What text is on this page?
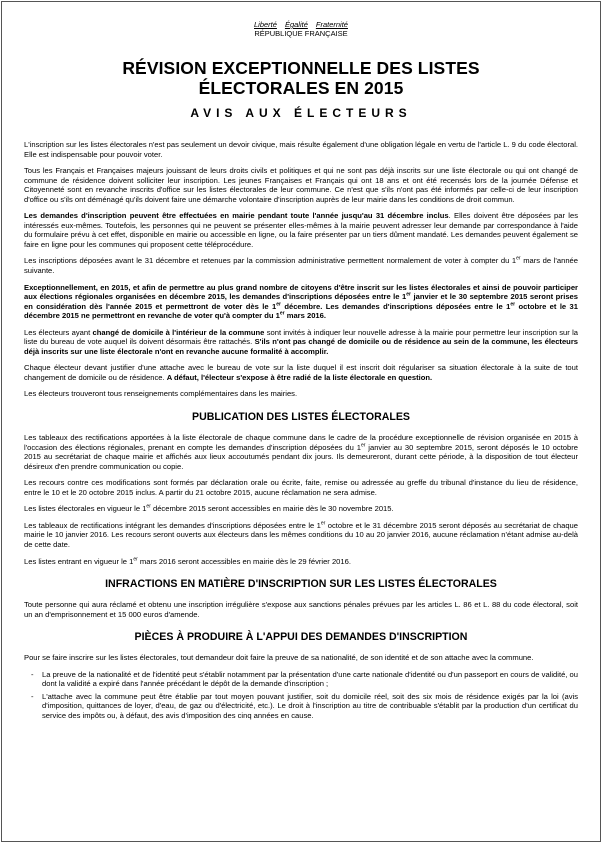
Liberté Égalité Fraternité
RÉPUBLIQUE FRANÇAISE
RÉVISION EXCEPTIONNELLE DES LISTES
ÉLECTORALES EN 2015
AVIS AUX ÉLECTEURS
L'inscription sur les listes électorales n'est pas seulement un devoir civique, mais résulte également d'une obligation légale en vertu de l'article L. 9 du code électoral. Elle est indispensable pour pouvoir voter.
Tous les Français et Françaises majeurs jouissant de leurs droits civils et politiques et qui ne sont pas déjà inscrits sur une liste électorale ou qui ont changé de commune de résidence doivent solliciter leur inscription. Les jeunes Françaises et Français qui ont 18 ans et ont été recensés lors de la journée Défense et Citoyenneté sont en revanche inscrits d'office sur les listes électorales de leur commune. Ce n'est que s'ils n'ont pas été informés par celle-ci de leur inscription d'office ou s'ils ont déménagé qu'ils doivent faire une démarche volontaire d'inscription auprès de leur mairie dans les conditions de droit commun.
Les demandes d'inscription peuvent être effectuées en mairie pendant toute l'année jusqu'au 31 décembre inclus. Elles doivent être déposées par les intéressés eux-mêmes. Toutefois, les personnes qui ne peuvent se présenter elles-mêmes à la mairie peuvent adresser leur demande par correspondance à l'aide du formulaire prévu à cet effet, disponible en mairie ou accessible en ligne, ou la faire présenter par un tiers dûment mandaté. Les demandes peuvent également se faire en ligne pour les communes qui proposent cette téléprocédure.
Les inscriptions déposées avant le 31 décembre et retenues par la commission administrative permettent normalement de voter à compter du 1er mars de l'année suivante.
Exceptionnellement, en 2015, et afin de permettre au plus grand nombre de citoyens d'être inscrit sur les listes électorales et ainsi de pouvoir participer aux élections régionales organisées en décembre 2015, les demandes d'inscriptions déposées entre le 1er janvier et le 30 septembre 2015 seront prises en considération dès l'année 2015 et permettront de voter dès le 1er décembre. Les demandes d'inscriptions déposées entre le 1er octobre et le 31 décembre 2015 ne permettront en revanche de voter qu'à compter du 1er mars 2016.
Les électeurs ayant changé de domicile à l'intérieur de la commune sont invités à indiquer leur nouvelle adresse à la mairie pour permettre leur inscription sur la liste du bureau de vote auquel ils doivent désormais être rattachés. S'ils n'ont pas changé de domicile ou de résidence au sein de la commune, les électeurs déjà inscrits sur une liste électorale n'ont en revanche aucune formalité à accomplir.
Chaque électeur devant justifier d'une attache avec le bureau de vote sur la liste duquel il est inscrit doit régulariser sa situation électorale à la suite de tout changement de domicile ou de résidence. A défaut, l'électeur s'expose à être radié de la liste électorale en question.
Les électeurs trouveront tous renseignements complémentaires dans les mairies.
PUBLICATION DES LISTES ÉLECTORALES
Les tableaux des rectifications apportées à la liste électorale de chaque commune dans le cadre de la procédure exceptionnelle de révision organisée en 2015 à l'occasion des élections régionales, prenant en compte les demandes d'inscription déposées du 1er janvier au 30 septembre 2015, seront déposés le 10 octobre 2015 au secrétariat de chaque mairie et affichés aux lieux accoutumés pendant dix jours. Ils demeureront, durant cette période, à la disposition de tout électeur désireux d'en prendre communication ou copie.
Les recours contre ces modifications sont formés par déclaration orale ou écrite, faite, remise ou adressée au greffe du tribunal d'instance du lieu de résidence, entre le 10 et le 20 octobre 2015 inclus. A partir du 21 octobre 2015, aucune réclamation ne sera admise.
Les listes électorales en vigueur le 1er décembre 2015 seront accessibles en mairie dès le 30 novembre 2015.
Les tableaux de rectifications intégrant les demandes d'inscriptions déposées entre le 1er octobre et le 31 décembre 2015 seront déposés au secrétariat de chaque mairie le 10 janvier 2016. Les recours seront ouverts aux électeurs dans les mêmes conditions du 10 au 20 janvier 2016, aucune réclamation n'étant admise au-delà de cette date.
Les listes entrant en vigueur le 1er mars 2016 seront accessibles en mairie dès le 29 février 2016.
INFRACTIONS EN MATIÈRE D'INSCRIPTION SUR LES LISTES ÉLECTORALES
Toute personne qui aura réclamé et obtenu une inscription irrégulière s'expose aux sanctions pénales prévues par les articles L. 86 et L. 88 du code électoral, soit un an d'emprisonnement et 15 000 euros d'amende.
PIÈCES À PRODUIRE À L'APPUI DES DEMANDES D'INSCRIPTION
Pour se faire inscrire sur les listes électorales, tout demandeur doit faire la preuve de sa nationalité, de son identité et de son attache avec la commune.
- La preuve de la nationalité et de l'identité peut s'établir notamment par la présentation d'une carte nationale d'identité ou d'un passeport en cours de validité, ou dont la validité a expiré dans l'année précédant le dépôt de la demande d'inscription ;
- L'attache avec la commune peut être établie par tout moyen pouvant justifier, soit du domicile réel, soit des six mois de résidence exigés par la loi (avis d'imposition, quittances de loyer, d'eau, de gaz ou d'électricité, etc.). Le droit à l'inscription au titre de contribuable s'établit par la production d'un certificat du service des impôts ou, à défaut, des avis d'imposition des cinq années en cause.
